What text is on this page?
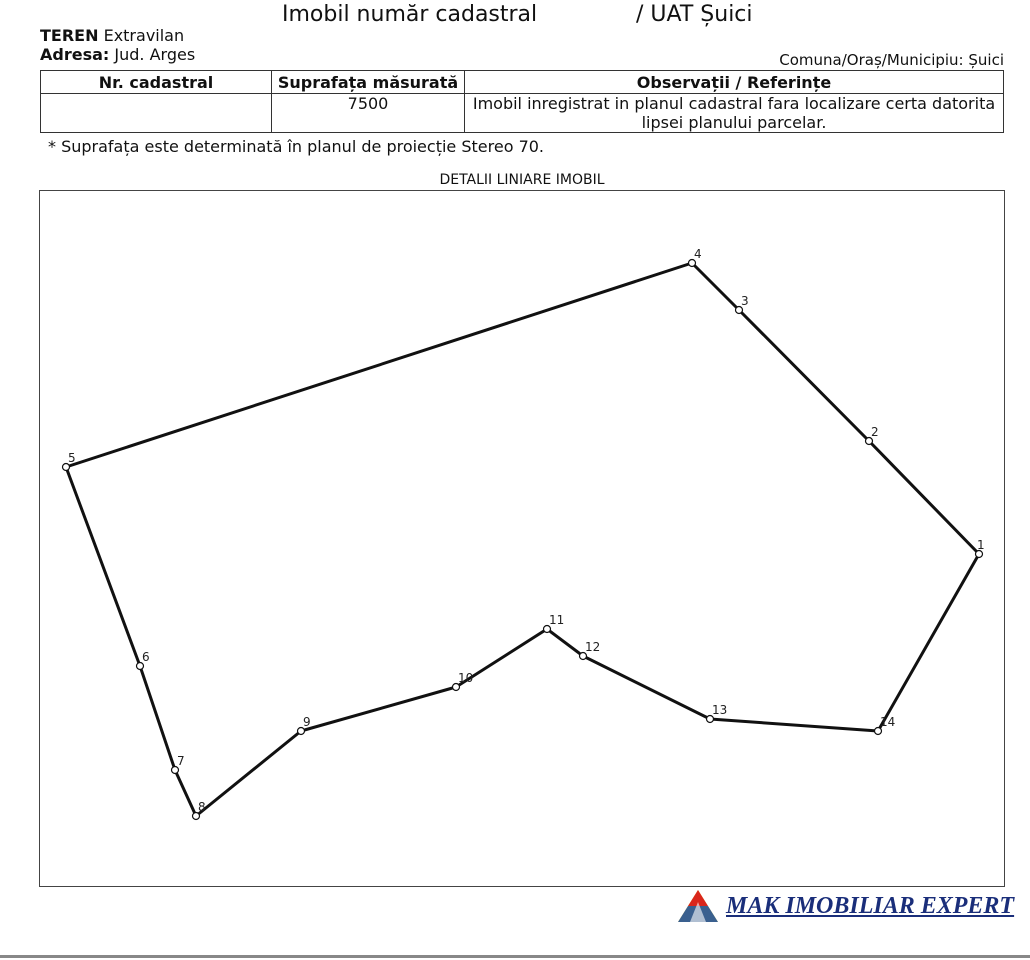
Imobil număr cadastral	/ UAT Șuici
TEREN Extravilan
Adresa: Jud. Arges	Comuna/Oraș/Municipiu: Șuici
Nr. cadastral	Suprafața măsurată	Observații / Referințe
	7500	Imobil inregistrat in planul cadastral fara localizare certa datorita lipsei planului parcelar.
* Suprafața este determinată în planul de proiecție Stereo 70.
DETALII LINIARE IMOBIL
1
2
3
4
5
6
7
8
9
10
11
12
13
14
MAK IMOBILIAR EXPERT
